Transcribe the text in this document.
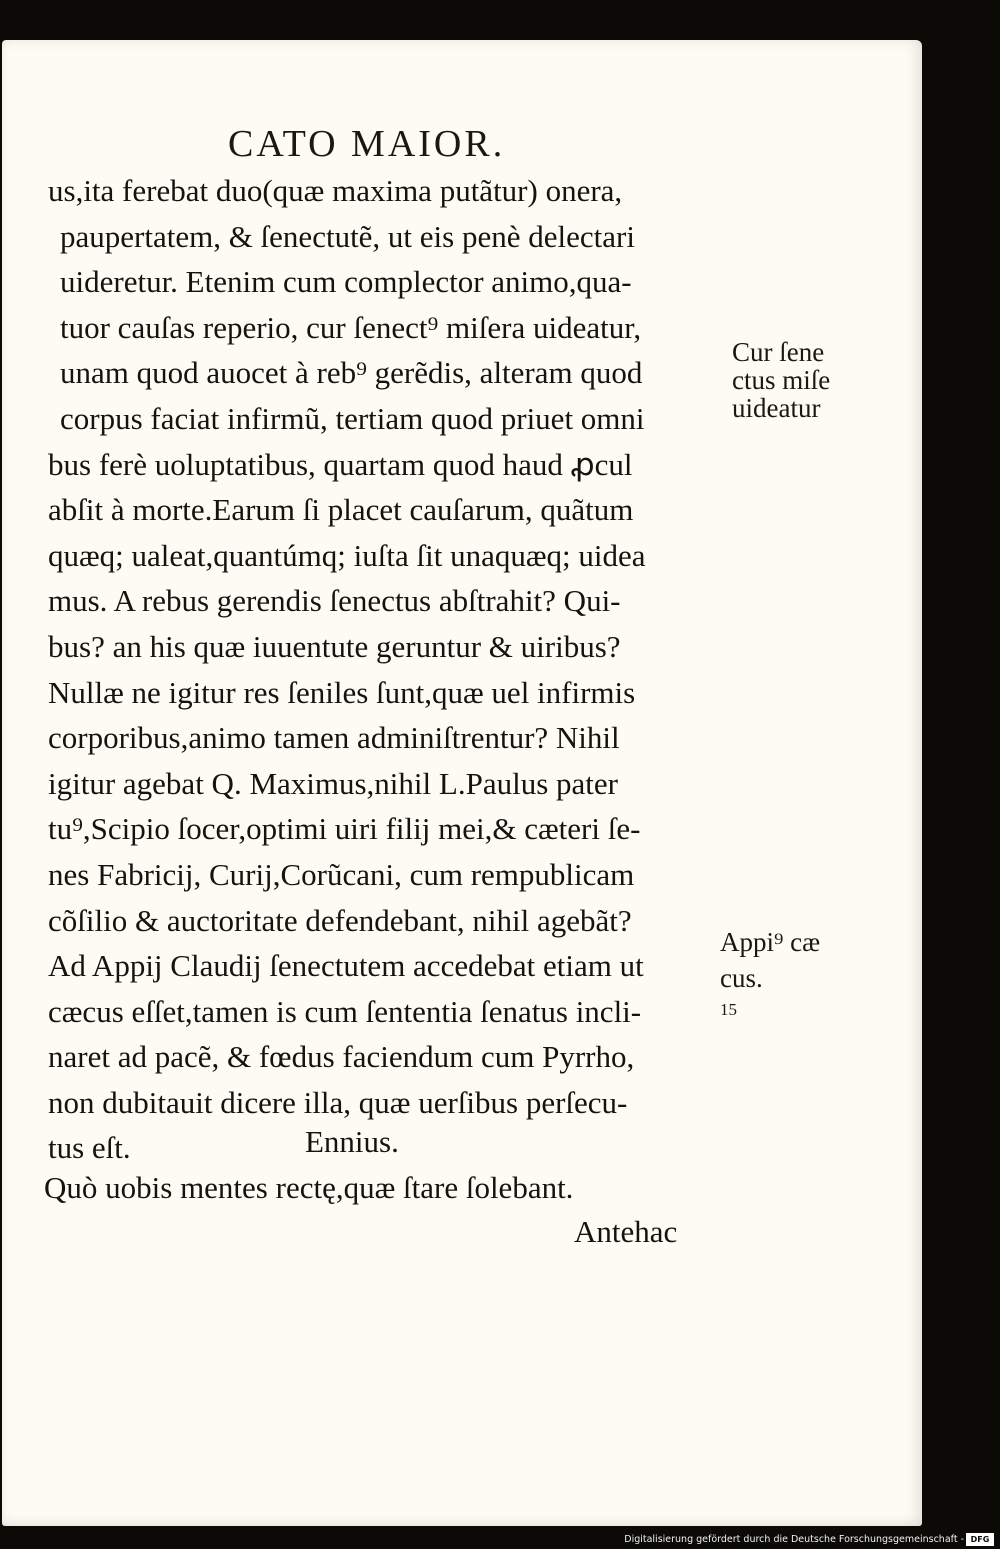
CATO MAIOR.
us,ita ferebat duo(quæ maxima putãtur) onera,
paupertatem, & ſenectutẽ, ut eis penè delectari
uideretur. Etenim cum complector animo,qua-
tuor cauſas reperio, cur ſenect⁹ miſera uideatur,
unam quod auocet à reb⁹ gerẽdis, alteram quod
corpus faciat infirmũ, tertiam quod priuet omni
bus ferè uoluptatibus, quartam quod haud ꝓcul
abſit à morte.Earum ſi placet cauſarum, quãtum
quæq; ualeat,quantúmq; iuſta ſit unaquæq; uidea
mus. A rebus gerendis ſenectus abſtrahit? Qui-
bus? an his quæ iuuentute geruntur & uiribus?
Nullæ ne igitur res ſeniles ſunt,quæ uel infirmis
corporibus,animo tamen adminiſtrentur? Nihil
igitur agebat Q. Maximus,nihil L.Paulus pater
tu⁹,Scipio ſocer,optimi uiri filij mei,& cæteri ſe-
nes Fabricij, Curij,Corũcani, cum rempublicam
cõſilio & auctoritate defendebant, nihil agebãt?
Ad Appij Claudij ſenectutem accedebat etiam ut
cæcus eſſet,tamen is cum ſententia ſenatus incli-
naret ad pacẽ, & fœdus faciendum cum Pyrrho,
non dubitauit dicere illa, quæ uerſibus perſecu-
tus eſt.
Cur ſene
ctus miſe
uideatur
Appi⁹ cæ
cus.
15
Ennius.
Quò uobis mentes rectę,quæ ſtare ſolebant.
Antehac
Digitalisierung gefördert durch die Deutsche Forschungsgemeinschaft - DFG
